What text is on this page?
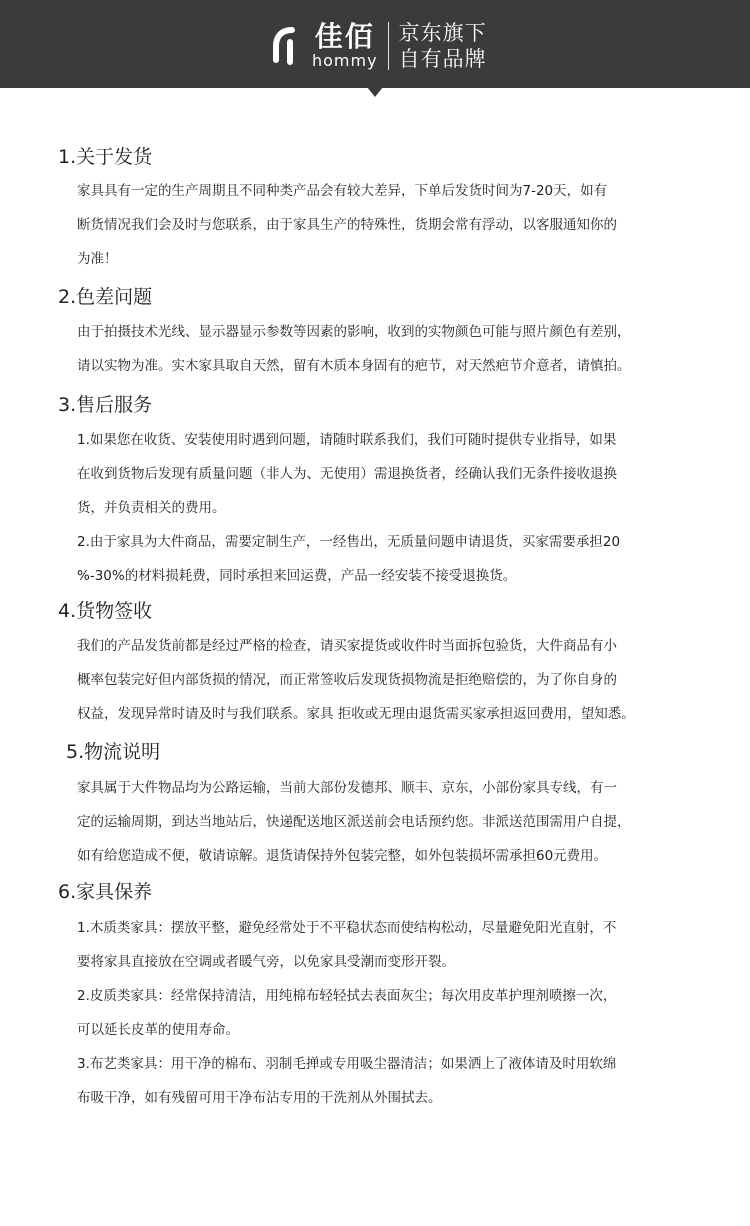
佳佰
hommy
京东旗下
自有品牌
1.关于发货
家具具有一定的生产周期且不同种类产品会有较大差异，下单后发货时间为7-20天，如有
断货情况我们会及时与您联系，由于家具生产的特殊性，货期会常有浮动，以客服通知你的
为准！
2.色差问题
由于拍摄技术光线、显示器显示参数等因素的影响，收到的实物颜色可能与照片颜色有差别，
请以实物为准。实木家具取自天然，留有木质本身固有的疤节，对天然疤节介意者，请慎拍。
3.售后服务
1.如果您在收货、安装使用时遇到问题，请随时联系我们，我们可随时提供专业指导，如果
在收到货物后发现有质量问题（非人为、无使用）需退换货者，经确认我们无条件接收退换
货，并负责相关的费用。
2.由于家具为大件商品，需要定制生产，一经售出，无质量问题申请退货，买家需要承担20
%-30%的材料损耗费，同时承担来回运费，产品一经安装不接受退换货。
4.货物签收
我们的产品发货前都是经过严格的检查，请买家提货或收件时当面拆包验货，大件商品有小
概率包装完好但内部货损的情况，而正常签收后发现货损物流是拒绝赔偿的，为了你自身的
权益，发现异常时请及时与我们联系。家具 拒收或无理由退货需买家承担返回费用，望知悉。
5.物流说明
家具属于大件物品均为公路运输，当前大部份发德邦、顺丰、京东，小部份家具专线，有一
定的运输周期，到达当地站后，快递配送地区派送前会电话预约您。非派送范围需用户自提，
如有给您造成不便，敬请谅解。退货请保持外包装完整，如外包装损坏需承担60元费用。
6.家具保养
1.木质类家具：摆放平整，避免经常处于不平稳状态而使结构松动，尽量避免阳光直射，不
要将家具直接放在空调或者暖气旁，以免家具受潮而变形开裂。
2.皮质类家具：经常保持清洁，用纯棉布轻轻拭去表面灰尘；每次用皮革护理剂喷擦一次，
可以延长皮革的使用寿命。
3.布艺类家具：用干净的棉布、羽制毛掸或专用吸尘器清洁；如果洒上了液体请及时用软绵
布吸干净，如有残留可用干净布沾专用的干洗剂从外围拭去。
